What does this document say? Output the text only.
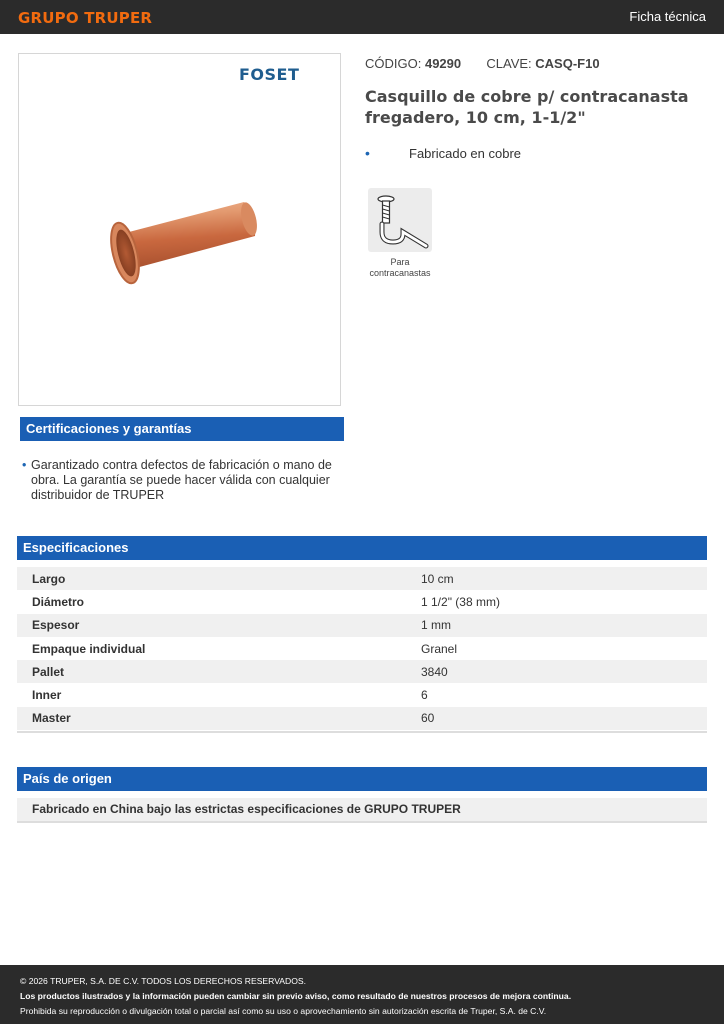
GRUPO TRUPER	Ficha técnica
FOSET
CÓDIGO: 49290 CLAVE: CASQ-F10
Casquillo de cobre p/ contracanasta fregadero, 10 cm, 1-1/2"
•	Fabricado en cobre
Para contracanastas
Certificaciones y garantías
• Garantizado contra defectos de fabricación o mano de obra. La garantía se puede hacer válida con cualquier distribuidor de TRUPER
Especificaciones
Largo	10 cm
Diámetro	1 1/2" (38 mm)
Espesor	1 mm
Empaque individual	Granel
Pallet	3840
Inner	6
Master	60
País de origen
Fabricado en China bajo las estrictas especificaciones de GRUPO TRUPER
© 2026 TRUPER, S.A. DE C.V. TODOS LOS DERECHOS RESERVADOS.
Los productos ilustrados y la información pueden cambiar sin previo aviso, como resultado de nuestros procesos de mejora continua.
Prohibida su reproducción o divulgación total o parcial así como su uso o aprovechamiento sin autorización escrita de Truper, S.A. de C.V.
